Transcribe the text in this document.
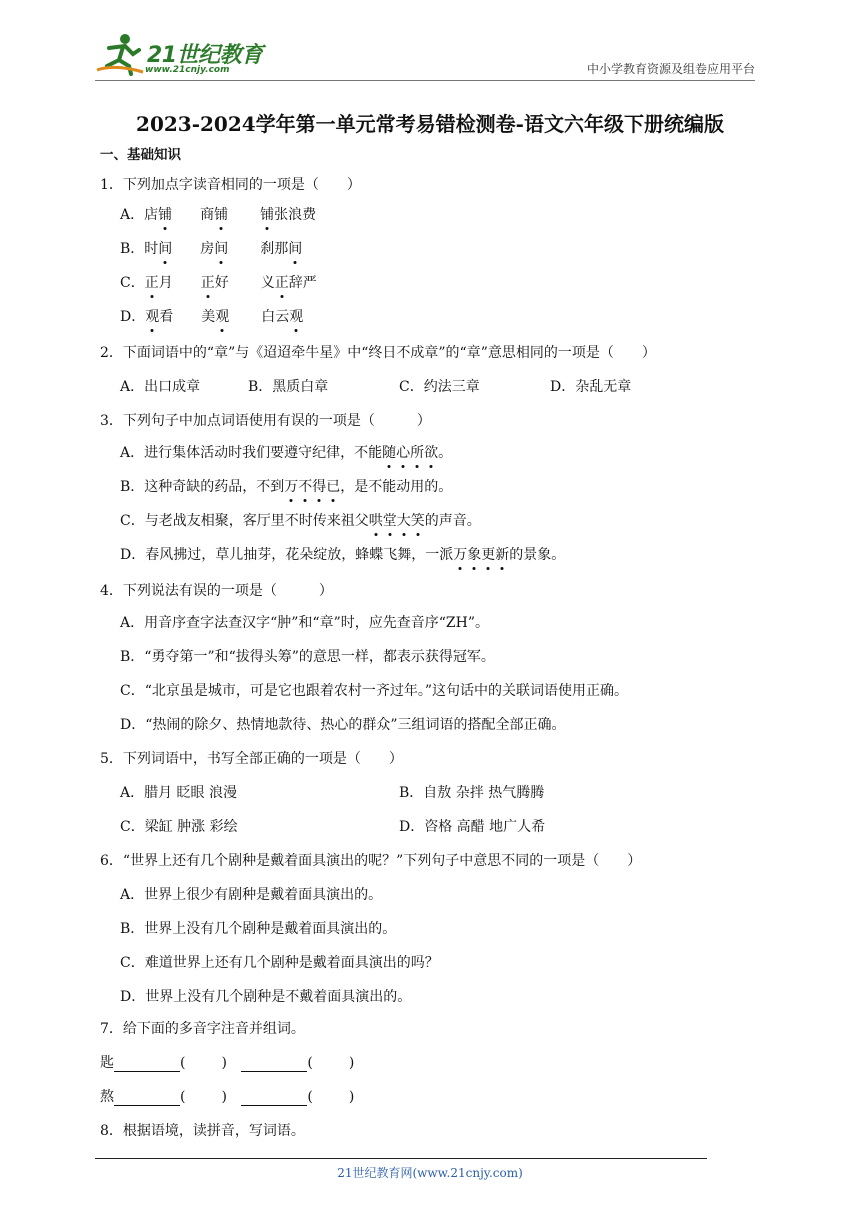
21世纪教育
www.21cnjy.com	中小学教育资源及组卷应用平台
2023-2024学年第一单元常考易错检测卷-语文六年级下册统编版
一、基础知识
1．下列加点字读音相同的一项是（　　）
A．店铺 商铺 铺张浪费
B．时间 房间 刹那间
C．正月 正好 义正辞严
D．观看 美观 白云观
2．下面词语中的“章”与《迢迢牵牛星》中“终日不成章”的“章”意思相同的一项是（　　）
A．出口成章	B．黑质白章	C．约法三章	D．杂乱无章
3．下列句子中加点词语使用有误的一项是（　　　）
A．进行集体活动时我们要遵守纪律，不能随心所欲。
B．这种奇缺的药品，不到万不得已，是不能动用的。
C．与老战友相聚，客厅里不时传来祖父哄堂大笑的声音。
D．春风拂过，草儿抽芽，花朵绽放，蜂蝶飞舞，一派万象更新的景象。
4．下列说法有误的一项是（　　　）
A．用音序查字法查汉字“肿”和“章”时，应先查音序“ZH”。
B．“勇夺第一”和“拔得头筹”的意思一样，都表示获得冠军。
C．“北京虽是城市，可是它也跟着农村一齐过年。”这句话中的关联词语使用正确。
D．“热闹的除夕、热情地款待、热心的群众”三组词语的搭配全部正确。
5．下列词语中，书写全部正确的一项是（　　）
A．腊月 眨眼 浪漫	B．自敖 杂拌 热气腾腾
C．梁缸 肿涨 彩绘	D．咨格 高醋 地广人希
6．“世界上还有几个剧种是戴着面具演出的呢？”下列句子中意思不同的一项是（　　）
A．世界上很少有剧种是戴着面具演出的。
B．世界上没有几个剧种是戴着面具演出的。
C．难道世界上还有几个剧种是戴着面具演出的吗？
D．世界上没有几个剧种是不戴着面具演出的。
7．给下面的多音字注音并组词。
匙	(	)	(	)
熬	(	)	(	)
8．根据语境，读拼音，写词语。
21世纪教育网(www.21cnjy.com)
